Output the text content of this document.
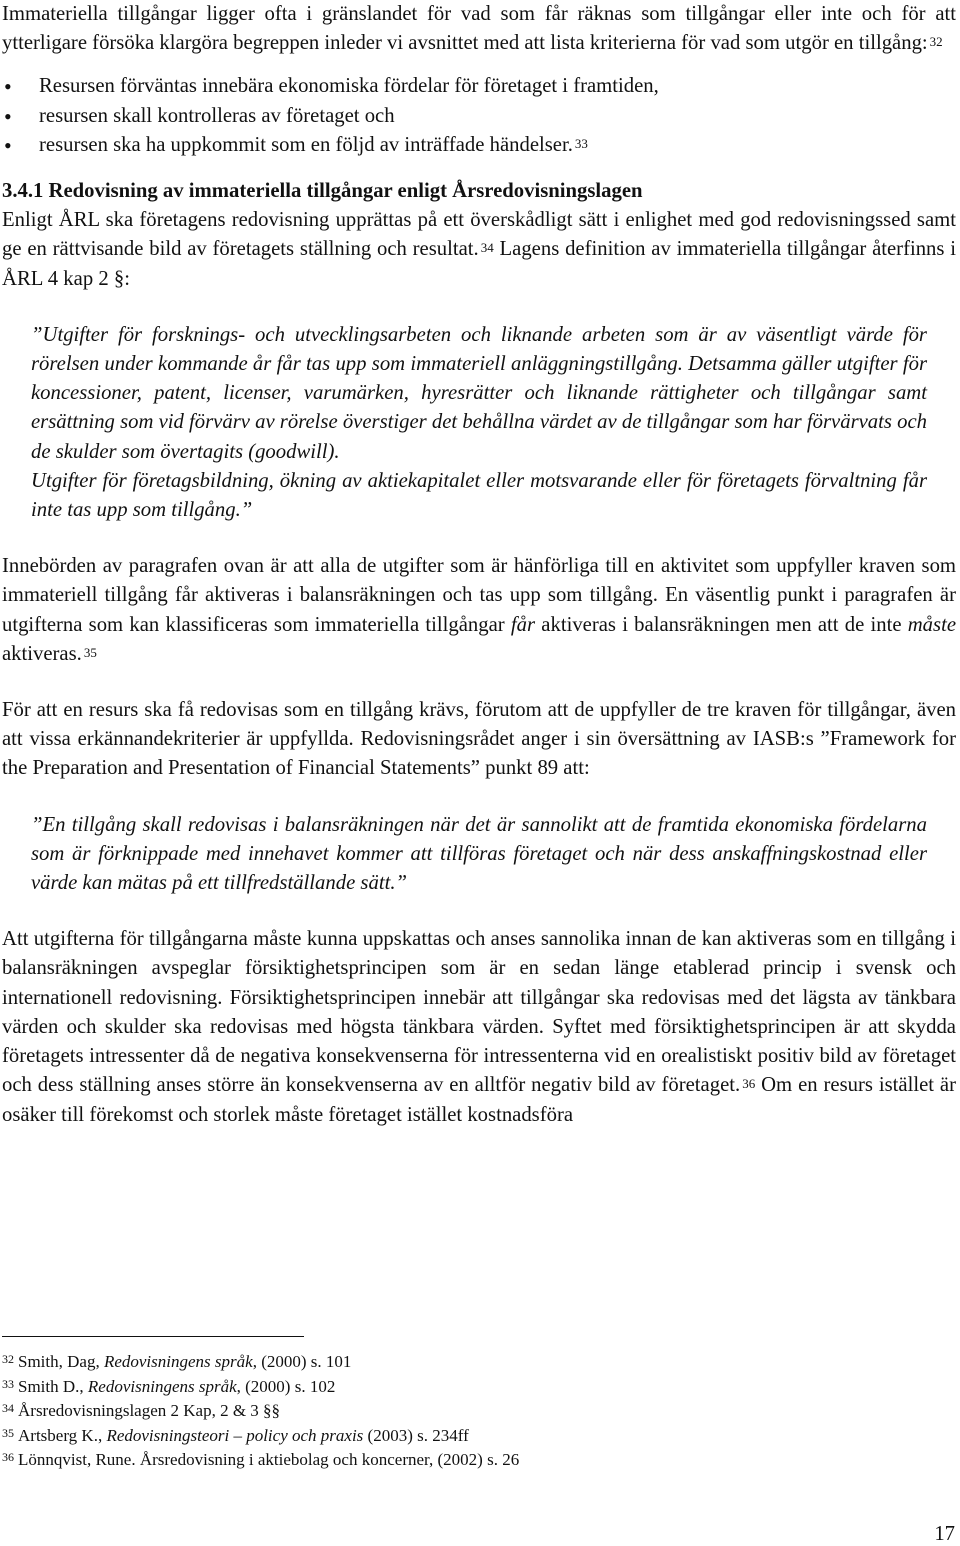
Immateriella tillgångar ligger ofta i gränslandet för vad som får räknas som tillgångar eller inte och för att ytterligare försöka klargöra begreppen inleder vi avsnittet med att lista kriterierna för vad som utgör en tillgång: $^{32}$

• Resursen förväntas innebära ekonomiska fördelar för företaget i framtiden,
• resursen skall kontrolleras av företaget och
• resursen ska ha uppkommit som en följd av inträffade händelser. $^{33}$
3.4.1 Redovisning av immateriella tillgångar enligt Årsredovisningslagen

Enligt ÅRL ska företagens redovisning upprättas på ett överskådligt sätt i enlighet med god redovisningssed samt ge en rättvisande bild av företagets ställning och resultat. $^{34}$ Lagens definition av immateriella tillgångar återfinns i ÅRL 4 kap 2 §:

”Utgifter för forsknings- och utvecklingsarbeten och liknande arbeten som är av väsentligt värde för rörelsen under kommande år får tas upp som immateriell anläggningstillgång. Detsamma gäller utgifter för koncessioner, patent, licenser, varumärken, hyresrätter och liknande rättigheter och tillgångar samt ersättning som vid förvärv av rörelse överstiger det behållna värdet av de tillgångar som har förvärvats och de skulder som övertagits (goodwill).

Utgifter för företagsbildning, ökning av aktiekapitalet eller motsvarande eller för företagets förvaltning får inte tas upp som tillgång.”

Innebörden av paragrafen ovan är att alla de utgifter som är hänförliga till en aktivitet som uppfyller kraven som immateriell tillgång får aktiveras i balansräkningen och tas upp som tillgång. En väsentlig punkt i paragrafen är utgifterna som kan klassificeras som immateriella tillgångar får aktiveras i balansräkningen men att de inte måste aktiveras. $^{35}$

För att en resurs ska få redovisas som en tillgång krävs, förutom att de uppfyller de tre kraven för tillgångar, även att vissa erkännandekriterier är uppfyllda. Redovisningsrådet anger i sin översättning av IASB:s ”Framework for the Preparation and Presentation of Financial Statements” punkt 89 att:

”En tillgång skall redovisas i balansräkningen när det är sannolikt att de framtida ekonomiska fördelarna som är förknippade med innehavet kommer att tillföras företaget och när dess anskaffningskostnad eller värde kan mätas på ett tillfredställande sätt.”

Att utgifterna för tillgångarna måste kunna uppskattas och anses sannolika innan de kan aktiveras som en tillgång i balansräkningen avspeglar försiktighetsprincipen som är en sedan länge etablerad princip i svensk och internationell redovisning. Försiktighetsprincipen innebär att tillgångar ska redovisas med det lägsta av tänkbara värden och skulder ska redovisas med högsta tänkbara värden. Syftet med försiktighetsprincipen är att skydda företagets intressenter då de negativa konsekvenserna för intressenterna vid en orealistiskt positiv bild av företaget och dess ställning anses större än konsekvenserna av en alltför negativ bild av företaget. $^{36}$ Om en resurs istället är osäker till förekomst och storlek måste företaget istället kostnadsföra

$^{32}$ Smith, Dag, Redovisningens språk, (2000) s. 101
$^{33}$ Smith D., Redovisningens språk, (2000) s. 102
$^{34}$ Årsredovisningslagen 2 Kap, 2 & 3 §§
$^{35}$ Artsberg K., Redovisningsteori – policy och praxis (2003) s. 234ff
$^{36}$ Lönnqvist, Rune. Årsredovisning i aktiebolag och koncerner, (2002) s. 26
17
